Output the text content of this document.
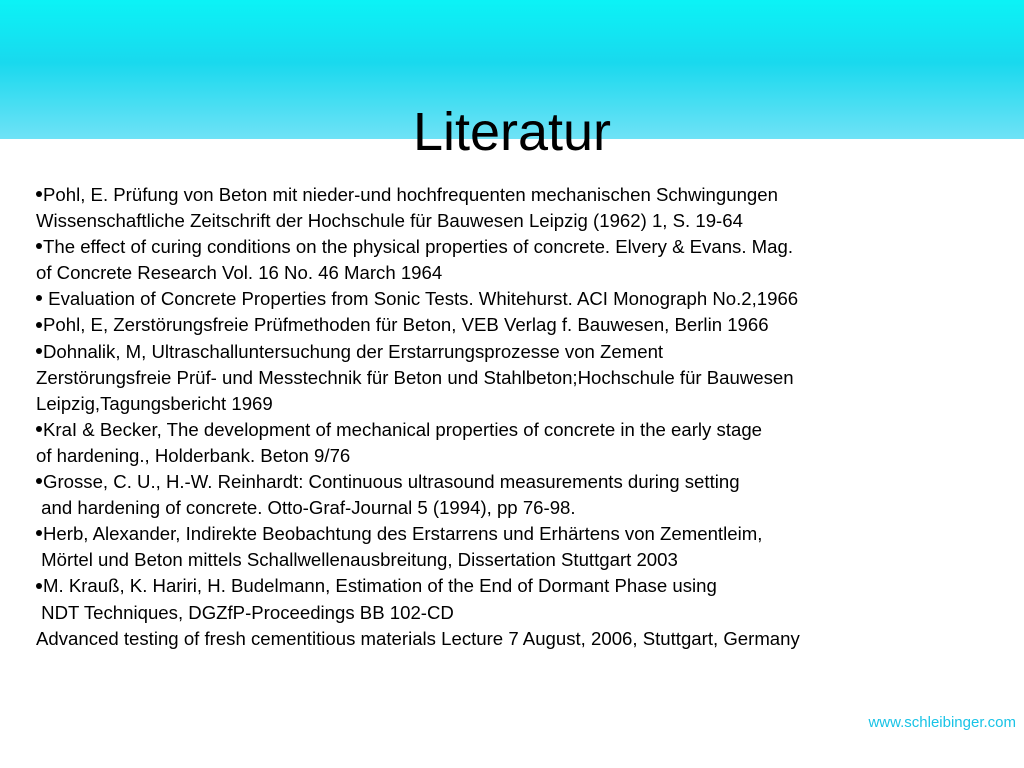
Literatur
Pohl, E. Prüfung von Beton mit nieder-und hochfrequenten mechanischen Schwingungen
Wissenschaftliche Zeitschrift der Hochschule für Bauwesen Leipzig (1962) 1, S. 19-64
The effect of curing conditions on the physical properties of concrete. Elvery & Evans. Mag.
of Concrete Research Vol. 16 No. 46 March 1964
Evaluation of Concrete Properties from Sonic Tests. Whitehurst. ACI Monograph No.2,1966
Pohl, E, Zerstörungsfreie Prüfmethoden für Beton, VEB Verlag f. Bauwesen, Berlin 1966
Dohnalik, M, Ultraschalluntersuchung der Erstarrungsprozesse von Zement
Zerstörungsfreie Prüf- und Messtechnik für Beton und Stahlbeton;Hochschule für Bauwesen
Leipzig,Tagungsbericht 1969
KraI & Becker, The development of mechanical properties of concrete in the early stage
of hardening., Holderbank. Beton 9/76
Grosse, C. U., H.-W. Reinhardt: Continuous ultrasound measurements during setting
and hardening of concrete. Otto-Graf-Journal 5 (1994), pp 76-98.
Herb, Alexander, Indirekte Beobachtung des Erstarrens und Erhärtens von Zementleim,
Mörtel und Beton mittels Schallwellenausbreitung, Dissertation Stuttgart 2003
M. Krauß, K. Hariri, H. Budelmann, Estimation of the End of Dormant Phase using
NDT Techniques, DGZfP-Proceedings BB 102-CD
Advanced testing of fresh cementitious materials Lecture 7 August, 2006, Stuttgart, Germany
www.schleibinger.com
